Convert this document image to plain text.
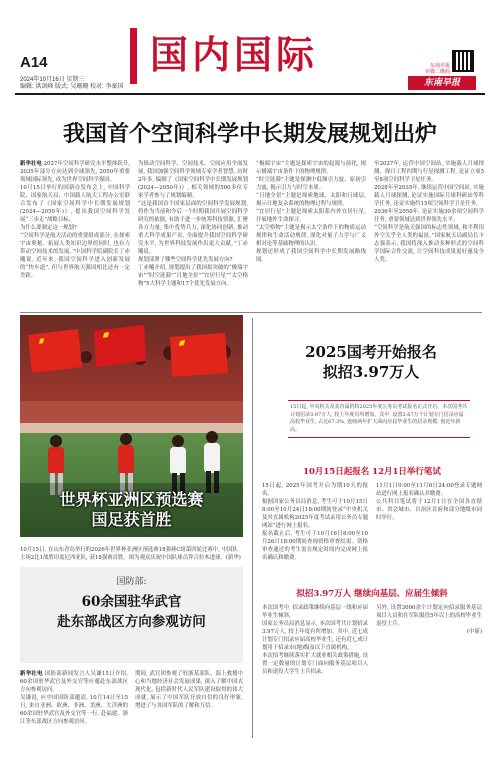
A14
2024年10月16日 星期三
编辑: 洪剑峰 版式: 吴珊珊 校对: 李秦国
国内国际	东南早报
官微二维码
东南早报
我国首个空间科学中长期发展规划出炉
新华社电 2027年空间科学研究水平整体跃升, 2035年部分方向达到全球领先, 2050年重要领域国际领先, 成为世界空间科学强国。
10月15日举行的国新办发布会上, 中国科学院、国家航天局、中国载人航天工程办公室联合发布了《国家空间科学中长期发展规划(2024—2050年)》, 提出我国空间科学发展“三步走”战略目标。
为什么要制定这一规划?
“空间科学是航天活动的重要组成部分, 在探索宇宙奥秘、拓展人类知识边界的同时, 也有力带动空间技术的发展。”中国科学院副院长丁赤飚说, 近年来, 我国空间科学进入创新发展的“快车道”, 但与世界航天强国相比还有一定差距。
为推动空间科学、空间技术、空间应用全面发展, 我国加强空间科学领域专家学者智慧, 历时2年多, 编制了《国家空间科学中长期发展规划(2024—2050年)》, 相关领域的500多位专家学者参与了规划编制。
“这是我国首个国家层面的空间科学发展规划, 将作为当前和今后一个时期我国开展空间科学研究的依据, 有助于进一步统筹科技资源, 汇聚各方力量, 集中优势兵力, 深化协同创新, 推动重大科学成果产出, 全面提升我国空间科学研究水平, 为世界科技发展作出更大贡献。”丁赤飚说。
规划部署了哪些空间科学优先发展方向?
丁赤飚介绍, 规划提出了我国拟突破的“极端宇宙”“时空涟漪”“日地全景”“宜居行星”“太空格物”5大科学主题和17个优先发展方向。
“极端宇宙”主题是探索宇宙的起源与演化, 揭示极端宇宙条件下的物理规律。
“时空涟漪”主题是探测中低频引力波、原初引力波, 揭示引力与时空本质。
“日地全景”主题是探索地球、太阳和日球层, 揭示日地复杂系统的物理过程与规律。
“宜居行星”主题是探索太阳系内外宜居行星, 开展地外生命探寻。
“太空格物”主题是揭示太空条件下的物质运动规律和生命活动规律, 深化对量子力学与广义相对论等基础物理的认识。
规划还形成了我国空间科学中长期发展路线图。
至2027年, 运营中国空间站, 实施载人月球探测、探月工程四期与行星探测工程, 论证立项5至8项空间科学卫星任务。
2028年至2035年, 继续运营中国空间站, 实施载人月球探测, 论证实施国际月球科研站等科学任务, 论证实施约15项空间科学卫星任务。
2036年至2050年, 论证实施30余项空间科学任务, 重要领域达到世界领先水平。
“空间科学是航天强国的标志性领域, 和平利用外空关乎全人类的福祉。”国家航天局副局长卞志强表示, 我国将深入推动多种形式的空间科学国际合作交流, 让空间科技成果更好惠及全人类。
世界杯亚洲区预选赛
国足获首胜
10月15日, 在山东青岛举行的2026年世界杯亚洲区预选赛18强赛C组第四轮比赛中, 中国队主场2比1战胜印度尼西亚队, 获18强赛首胜。图为观众庆祝中国队球员拜合拉木进球。(新华)
2025国考开始报名
拟招3.97万人
15日起, 中央机关及其直属机构2025年度公务员考试报名正式开启。本次国考共计划招录3.97万人, 较上年度有所增加。其中, 设置2.67万个计划专门招录应届高校毕业生, 占比67.3%, 连续两年扩大面向应届毕业生的招录规模, 创近年新高。
10月15日起报名 12月1日举行笔试
15日起, 2025年国考开启为期10天的报名。
根据国家公务员局消息, 考生可于10月15日8:00至10月24日18:00期间登录“中央机关及其直属机构2025年度考试录用公务员专题网站”进行网上报名。
报名截止后, 考生可于10月16日8:00至10月26日18:00期间查询资格审查结果。资格审查通过的考生需在规定时间内完成网上报名确认和缴费。
11月1日0:00至11月6日24:00登录专题网站进行网上报名确认并缴费。
公共科目笔试将于12月1日在全国各直辖市、省会城市、自治区首府和部分地级市同时举行。
拟招3.97万人 继续向基层、应届生倾斜
本次国考中, 招录政策继续向基层一线和应届毕业生倾斜。
国家公务员局消息显示, 本次国考共计划招录3.97万人, 较上年度有所增加。其中, 近七成计划专门招录应届高校毕业生, 还有近七成计划用于招录市(地)级及以下直属机构。
本次招考继续落实扩大就业相关政策措施, 设置一定数量的计划专门面向服务基层项目人员和退役大学生士兵招录。
另外, 设置3000余个计划定向招录服务基层项目人员和在军队服役5年以上的高校毕业生退役士兵。
(中新)
国防部:
60余国驻华武官
赴东部战区方向参观访问
新华社电 国防部新闻发言人吴谦15日介绍, 60余国驻华武官及外交官等应邀赴东部战区方向参观访问。
吴谦说, 应中国国防部邀请, 10月14日至15日, 来自亚洲、欧洲、非洲、美洲、大洋洲的60余国驻华武官及外交官等一行, 赴福建、浙江等东部战区方向参观访问。
期间, 武官团参观了驻浙某部队、海上救援中心和当地经济社会发展成果, 深入了解中国式现代化, 包括新时代人民军队建设取得的伟大成就, 展示了中国军队开放自信的良好形象, 增进了与各国军队的了解和互信。
